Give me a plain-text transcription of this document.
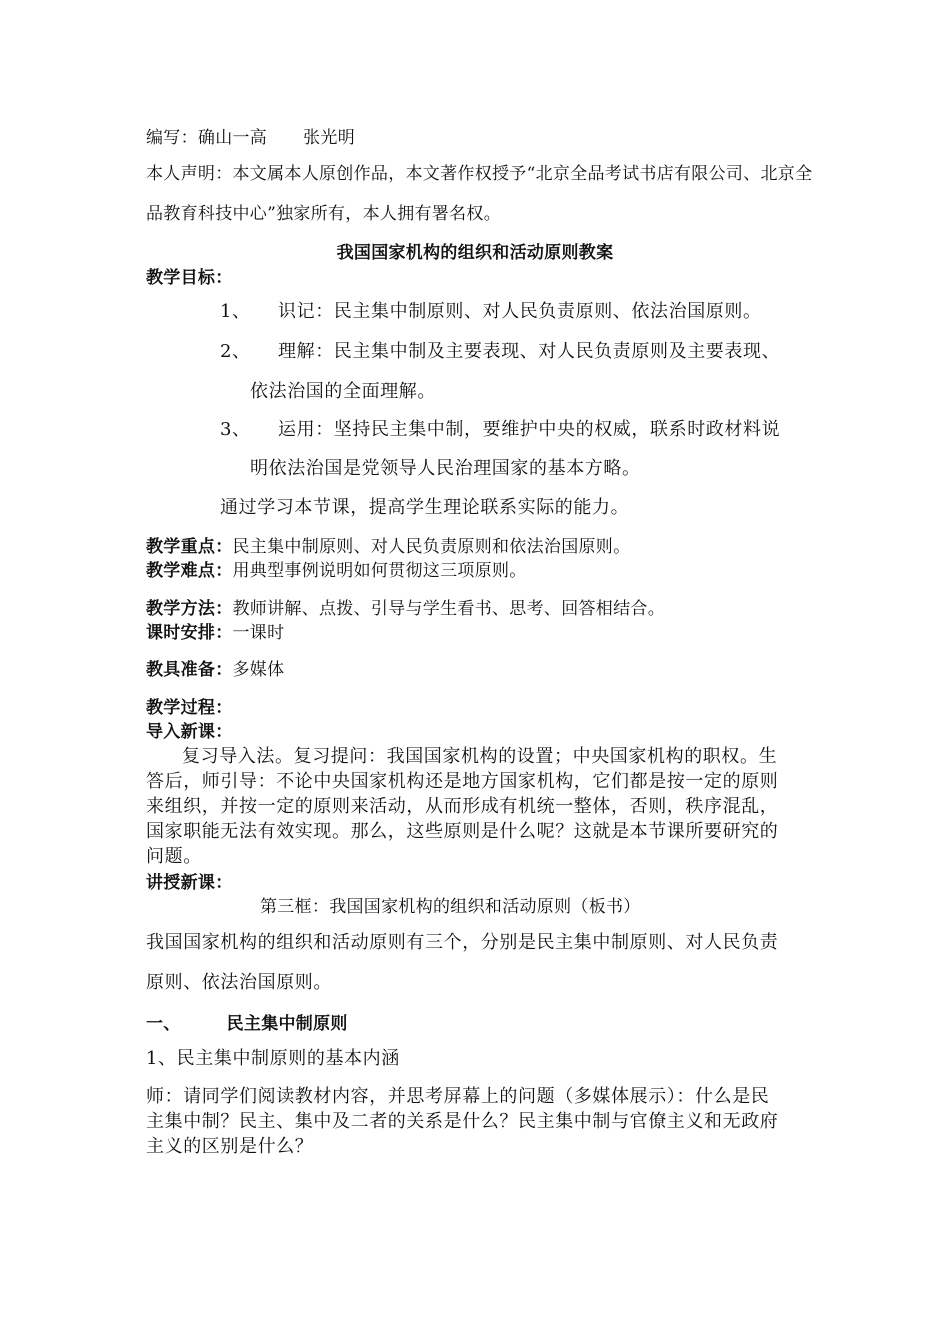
编写：确山一高 张光明
本人声明：本文属本人原创作品，本文著作权授予“北京全品考试书店有限公司、北京全
品教育科技中心”独家所有，本人拥有署名权。
我国国家机构的组织和活动原则教案
教学目标：
1、 识记：民主集中制原则、对人民负责原则、依法治国原则。
2、 理解：民主集中制及主要表现、对人民负责原则及主要表现、
依法治国的全面理解。
3、 运用：坚持民主集中制，要维护中央的权威，联系时政材料说
明依法治国是党领导人民治理国家的基本方略。
通过学习本节课，提高学生理论联系实际的能力。
教学重点：民主集中制原则、对人民负责原则和依法治国原则。
教学难点：用典型事例说明如何贯彻这三项原则。
教学方法：教师讲解、点拨、引导与学生看书、思考、回答相结合。
课时安排：一课时
教具准备：多媒体
教学过程：
导入新课：
复习导入法。复习提问：我国国家机构的设置；中央国家机构的职权。生
答后，师引导：不论中央国家机构还是地方国家机构，它们都是按一定的原则
来组织，并按一定的原则来活动，从而形成有机统一整体，否则，秩序混乱，
国家职能无法有效实现。那么，这些原则是什么呢？这就是本节课所要研究的
问题。
讲授新课：
第三框：我国国家机构的组织和活动原则（板书）
我国国家机构的组织和活动原则有三个，分别是民主集中制原则、对人民负责
原则、依法治国原则。
一、	民主集中制原则
1、民主集中制原则的基本内涵
师：请同学们阅读教材内容，并思考屏幕上的问题（多媒体展示）：什么是民
主集中制？民主、集中及二者的关系是什么？民主集中制与官僚主义和无政府
主义的区别是什么？
